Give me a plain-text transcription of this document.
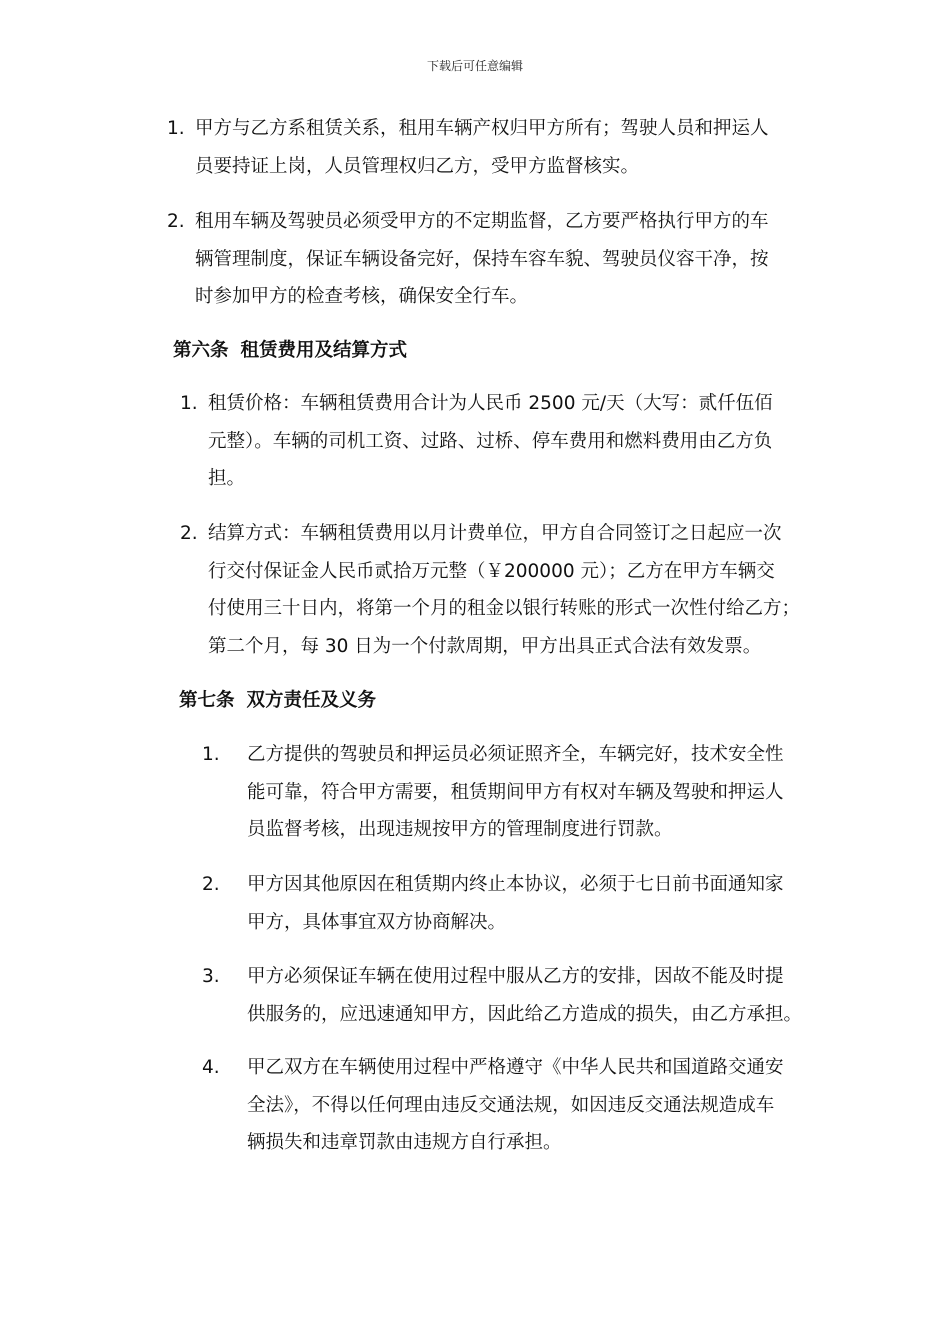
下载后可任意编辑
1. 甲方与乙方系租赁关系，租用车辆产权归甲方所有；驾驶人员和押运人
员要持证上岗，人员管理权归乙方，受甲方监督核实。
2. 租用车辆及驾驶员必须受甲方的不定期监督，乙方要严格执行甲方的车
辆管理制度，保证车辆设备完好，保持车容车貌、驾驶员仪容干净，按
时参加甲方的检查考核，确保安全行车。
第六条 租赁费用及结算方式
1. 租赁价格：车辆租赁费用合计为人民币 2500 元/天（大写：贰仟伍佰
元整）。车辆的司机工资、过路、过桥、停车费用和燃料费用由乙方负
担。
2. 结算方式：车辆租赁费用以月计费单位，甲方自合同签订之日起应一次
行交付保证金人民币贰拾万元整（￥200000 元）；乙方在甲方车辆交
付使用三十日内，将第一个月的租金以银行转账的形式一次性付给乙方；
第二个月，每 30 日为一个付款周期，甲方出具正式合法有效发票。
第七条 双方责任及义务
1. 乙方提供的驾驶员和押运员必须证照齐全，车辆完好，技术安全性
能可靠，符合甲方需要，租赁期间甲方有权对车辆及驾驶和押运人
员监督考核，出现违规按甲方的管理制度进行罚款。
2. 甲方因其他原因在租赁期内终止本协议，必须于七日前书面通知家
甲方，具体事宜双方协商解决。
3. 甲方必须保证车辆在使用过程中服从乙方的安排，因故不能及时提
供服务的，应迅速通知甲方，因此给乙方造成的损失，由乙方承担。
4. 甲乙双方在车辆使用过程中严格遵守《中华人民共和国道路交通安
全法》，不得以任何理由违反交通法规，如因违反交通法规造成车
辆损失和违章罚款由违规方自行承担。
